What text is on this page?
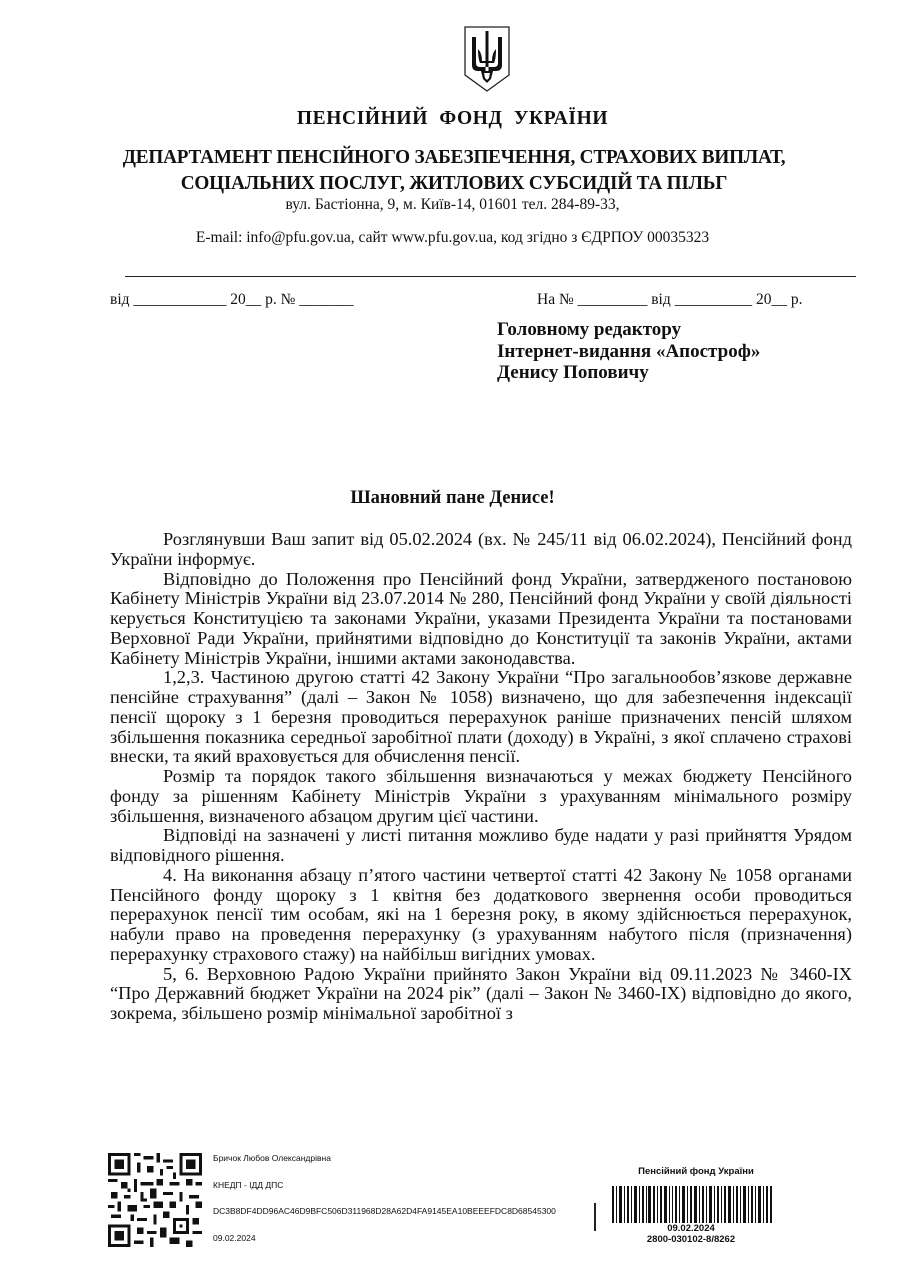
ПЕНСІЙНИЙ ФОНД УКРАЇНИ
ДЕПАРТАМЕНТ ПЕНСІЙНОГО ЗАБЕЗПЕЧЕННЯ, СТРАХОВИХ ВИПЛАТ,
СОЦІАЛЬНИХ ПОСЛУГ, ЖИТЛОВИХ СУБСИДІЙ ТА ПІЛЬГ
вул. Бастіонна, 9, м. Київ-14, 01601 тел. 284-89-33,
E-mail: info@pfu.gov.ua, сайт www.pfu.gov.ua, код згідно з ЄДРПОУ 00035323
від ____________ 20__ р. № _______	На № _________ від __________ 20__ р.
Головному редактору
Інтернет-видання «Апостроф»
Денису Поповичу
Шановний пане Денисе!

Розглянувши Ваш запит від 05.02.2024 (вх. № 245/11 від 06.02.2024), Пенсійний фонд України інформує.

Відповідно до Положення про Пенсійний фонд України, затвердженого постановою Кабінету Міністрів України від 23.07.2014 № 280, Пенсійний фонд України у своїй діяльності керується Конституцією та законами України, указами Президента України та постановами Верховної Ради України, прийнятими відповідно до Конституції та законів України, актами Кабінету Міністрів України, іншими актами законодавства.

1,2,3. Частиною другою статті 42 Закону України “Про загальнообов’язкове державне пенсійне страхування” (далі – Закон № 1058) визначено, що для забезпечення індексації пенсії щороку з 1 березня проводиться перерахунок раніше призначених пенсій шляхом збільшення показника середньої заробітної плати (доходу) в Україні, з якої сплачено страхові внески, та який враховується для обчислення пенсії.

Розмір та порядок такого збільшення визначаються у межах бюджету Пенсійного фонду за рішенням Кабінету Міністрів України з урахуванням мінімального розміру збільшення, визначеного абзацом другим цієї частини.

Відповіді на зазначені у листі питання можливо буде надати у разі прийняття Урядом відповідного рішення.

4. На виконання абзацу п’ятого частини четвертої статті 42 Закону № 1058 органами Пенсійного фонду щороку з 1 квітня без додаткового звернення особи проводиться перерахунок пенсії тим особам, які на 1 березня року, в якому здійснюється перерахунок, набули право на проведення перерахунку (з урахуванням набутого після (призначення) перерахунку страхового стажу) на найбільш вигідних умовах.

5, 6. Верховною Радою України прийнято Закон України від 09.11.2023 № 3460-ІХ “Про Державний бюджет України на 2024 рік” (далі – Закон № 3460-ІХ) відповідно до якого, зокрема, збільшено розмір мінімальної заробітної з

Бричок Любов Олександрівна
КНЕДП - ІДД ДПС
DC3B8DF4DD96AC46D9BFC506D311968D28A62D4FA9145EA10BEEEFDC8D68545300
09.02.2024
Пенсійний фонд України
09.02.2024
2800-030102-8/8262
